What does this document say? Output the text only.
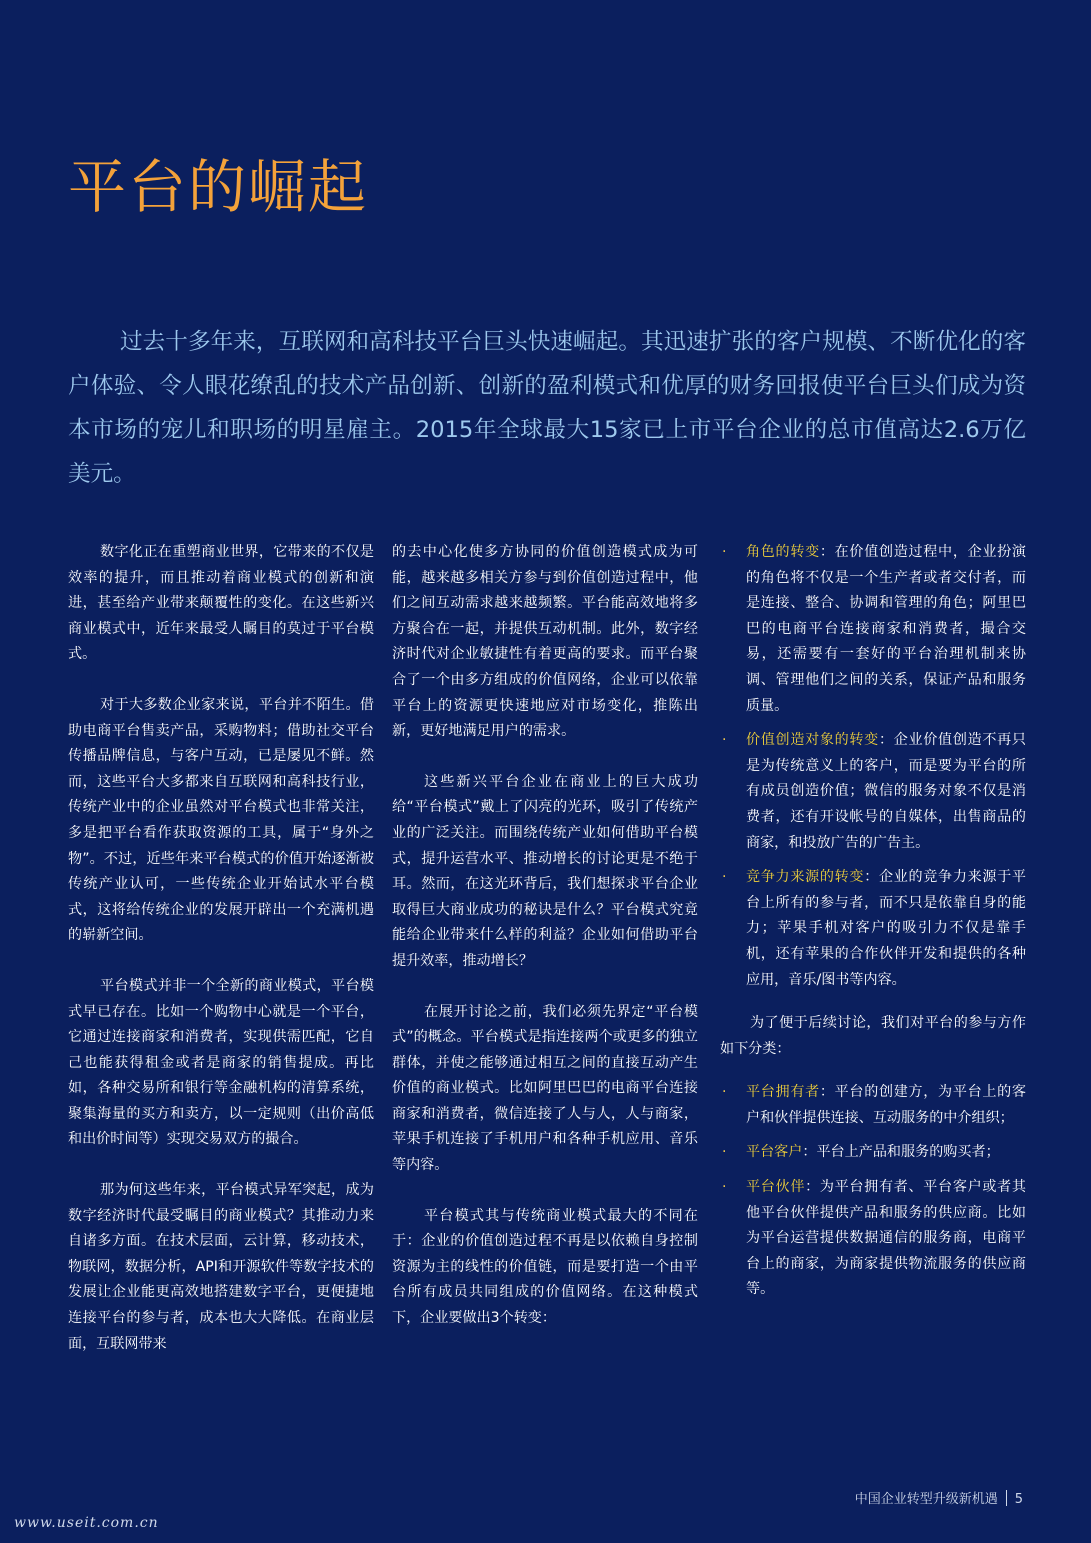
平台的崛起

过去十多年来，互联网和高科技平台巨头快速崛起。其迅速扩张的客户规模、不断优化的客户体验、令人眼花缭乱的技术产品创新、创新的盈利模式和优厚的财务回报使平台巨头们成为资本市场的宠儿和职场的明星雇主。2015年全球最大15家已上市平台企业的总市值高达2.6万亿美元。

数字化正在重塑商业世界，它带来的不仅是效率的提升，而且推动着商业模式的创新和演进，甚至给产业带来颠覆性的变化。在这些新兴商业模式中，近年来最受人瞩目的莫过于平台模式。

对于大多数企业家来说，平台并不陌生。借助电商平台售卖产品，采购物料；借助社交平台传播品牌信息，与客户互动，已是屡见不鲜。然而，这些平台大多都来自互联网和高科技行业，传统产业中的企业虽然对平台模式也非常关注，多是把平台看作获取资源的工具，属于“身外之物”。不过，近些年来平台模式的价值开始逐渐被传统产业认可，一些传统企业开始试水平台模式，这将给传统企业的发展开辟出一个充满机遇的崭新空间。

平台模式并非一个全新的商业模式，平台模式早已存在。比如一个购物中心就是一个平台，它通过连接商家和消费者，实现供需匹配，它自己也能获得租金或者是商家的销售提成。再比如，各种交易所和银行等金融机构的清算系统，聚集海量的买方和卖方，以一定规则（出价高低和出价时间等）实现交易双方的撮合。

那为何这些年来，平台模式异军突起，成为数字经济时代最受瞩目的商业模式？其推动力来自诸多方面。在技术层面，云计算，移动技术，物联网，数据分析，API和开源软件等数字技术的发展让企业能更高效地搭建数字平台，更便捷地连接平台的参与者，成本也大大降低。在商业层面，互联网带来

的去中心化使多方协同的价值创造模式成为可能，越来越多相关方参与到价值创造过程中，他们之间互动需求越来越频繁。平台能高效地将多方聚合在一起，并提供互动机制。此外，数字经济时代对企业敏捷性有着更高的要求。而平台聚合了一个由多方组成的价值网络，企业可以依靠平台上的资源更快速地应对市场变化，推陈出新，更好地满足用户的需求。

这些新兴平台企业在商业上的巨大成功给“平台模式”戴上了闪亮的光环，吸引了传统产业的广泛关注。而围绕传统产业如何借助平台模式，提升运营水平、推动增长的讨论更是不绝于耳。然而，在这光环背后，我们想探求平台企业取得巨大商业成功的秘诀是什么？平台模式究竟能给企业带来什么样的利益？企业如何借助平台提升效率，推动增长？

在展开讨论之前，我们必须先界定“平台模式”的概念。平台模式是指连接两个或更多的独立群体，并使之能够通过相互之间的直接互动产生价值的商业模式。比如阿里巴巴的电商平台连接商家和消费者，微信连接了人与人，人与商家，苹果手机连接了手机用户和各种手机应用、音乐等内容。

平台模式其与传统商业模式最大的不同在于：企业的价值创造过程不再是以依赖自身控制资源为主的线性的价值链，而是要打造一个由平台所有成员共同组成的价值网络。在这种模式下，企业要做出3个转变：

· 角色的转变：在价值创造过程中，企业扮演的角色将不仅是一个生产者或者交付者，而是连接、整合、协调和管理的角色；阿里巴巴的电商平台连接商家和消费者，撮合交易，还需要有一套好的平台治理机制来协调、管理他们之间的关系，保证产品和服务质量。
· 价值创造对象的转变：企业价值创造不再只是为传统意义上的客户，而是要为平台的所有成员创造价值；微信的服务对象不仅是消费者，还有开设帐号的自媒体，出售商品的商家，和投放广告的广告主。
· 竞争力来源的转变：企业的竞争力来源于平台上所有的参与者，而不只是依靠自身的能力；苹果手机对客户的吸引力不仅是靠手机，还有苹果的合作伙伴开发和提供的各种应用，音乐/图书等内容。

为了便于后续讨论，我们对平台的参与方作如下分类：

· 平台拥有者：平台的创建方，为平台上的客户和伙伴提供连接、互动服务的中介组织；
· 平台客户：平台上产品和服务的购买者；
· 平台伙伴：为平台拥有者、平台客户或者其他平台伙伴提供产品和服务的供应商。比如为平台运营提供数据通信的服务商，电商平台上的商家，为商家提供物流服务的供应商等。
中国企业转型升级新机遇 5
www.useit.com.cn
